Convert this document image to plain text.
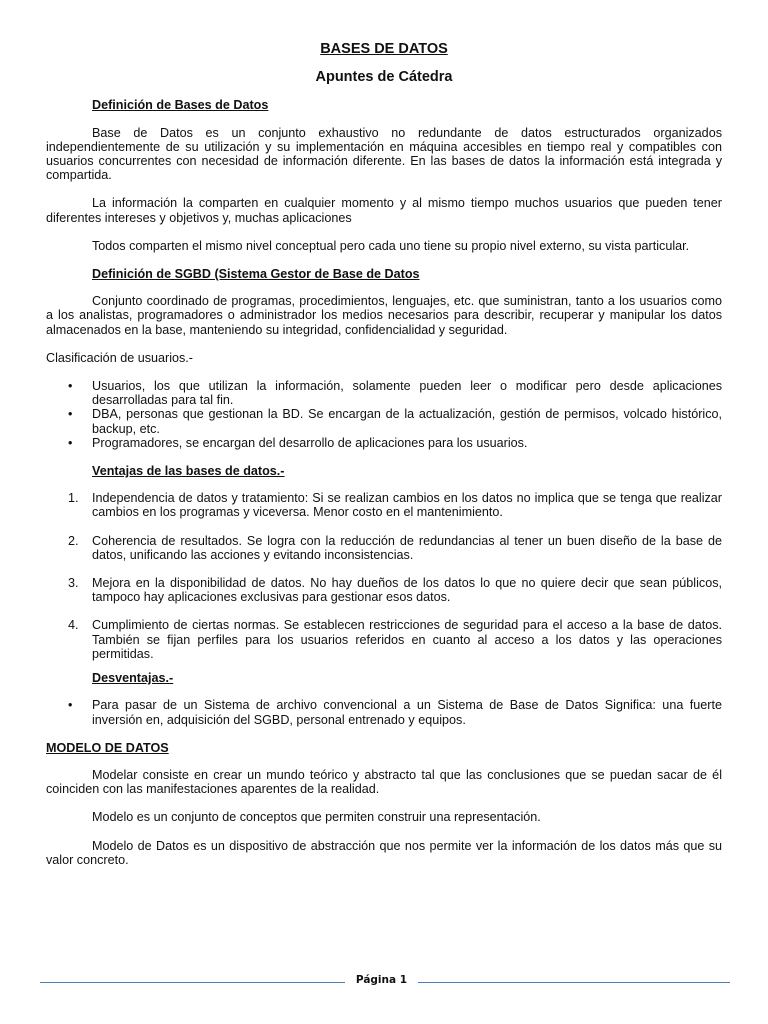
BASES DE DATOS
Apuntes de Cátedra
Definición de Bases de Datos

Base de Datos es un conjunto exhaustivo no redundante de datos estructurados organizados independientemente de su utilización y su implementación en máquina accesibles en tiempo real y compatibles con usuarios concurrentes con necesidad de información diferente. En las bases de datos la información está integrada y compartida.

La información la comparten en cualquier momento y al mismo tiempo muchos usuarios que pueden tener diferentes intereses y objetivos y, muchas aplicaciones

Todos comparten el mismo nivel conceptual pero cada uno tiene su propio nivel externo, su vista particular.

Definición de SGBD (Sistema Gestor de Base de Datos

Conjunto coordinado de programas, procedimientos, lenguajes, etc. que suministran, tanto a los usuarios como a los analistas, programadores o administrador los medios necesarios para describir, recuperar y manipular los datos almacenados en la base, manteniendo su integridad, confidencialidad y seguridad.

Clasificación de usuarios.-

• Usuarios, los que utilizan la información, solamente pueden leer o modificar pero desde aplicaciones desarrolladas para tal fin.
• DBA, personas que gestionan la BD. Se encargan de la actualización, gestión de permisos, volcado histórico, backup, etc.
• Programadores, se encargan del desarrollo de aplicaciones para los usuarios.
Ventajas de las bases de datos.-
1. Independencia de datos y tratamiento: Si se realizan cambios en los datos no implica que se tenga que realizar cambios en los programas y viceversa. Menor costo en el mantenimiento.
2. Coherencia de resultados. Se logra con la reducción de redundancias al tener un buen diseño de la base de datos, unificando las acciones y evitando inconsistencias.
3. Mejora en la disponibilidad de datos. No hay dueños de los datos lo que no quiere decir que sean públicos, tampoco hay aplicaciones exclusivas para gestionar esos datos.
4. Cumplimiento de ciertas normas. Se establecen restricciones de seguridad para el acceso a la base de datos. También se fijan perfiles para los usuarios referidos en cuanto al acceso a los datos y las operaciones permitidas.
Desventajas.-
• Para pasar de un Sistema de archivo convencional a un Sistema de Base de Datos Significa: una fuerte inversión en, adquisición del SGBD, personal entrenado y equipos.
MODELO DE DATOS

Modelar consiste en crear un mundo teórico y abstracto tal que las conclusiones que se puedan sacar de él coinciden con las manifestaciones aparentes de la realidad.

Modelo es un conjunto de conceptos que permiten construir una representación.

Modelo de Datos es un dispositivo de abstracción que nos permite ver la información de los datos más que su valor concreto.

Página 1
